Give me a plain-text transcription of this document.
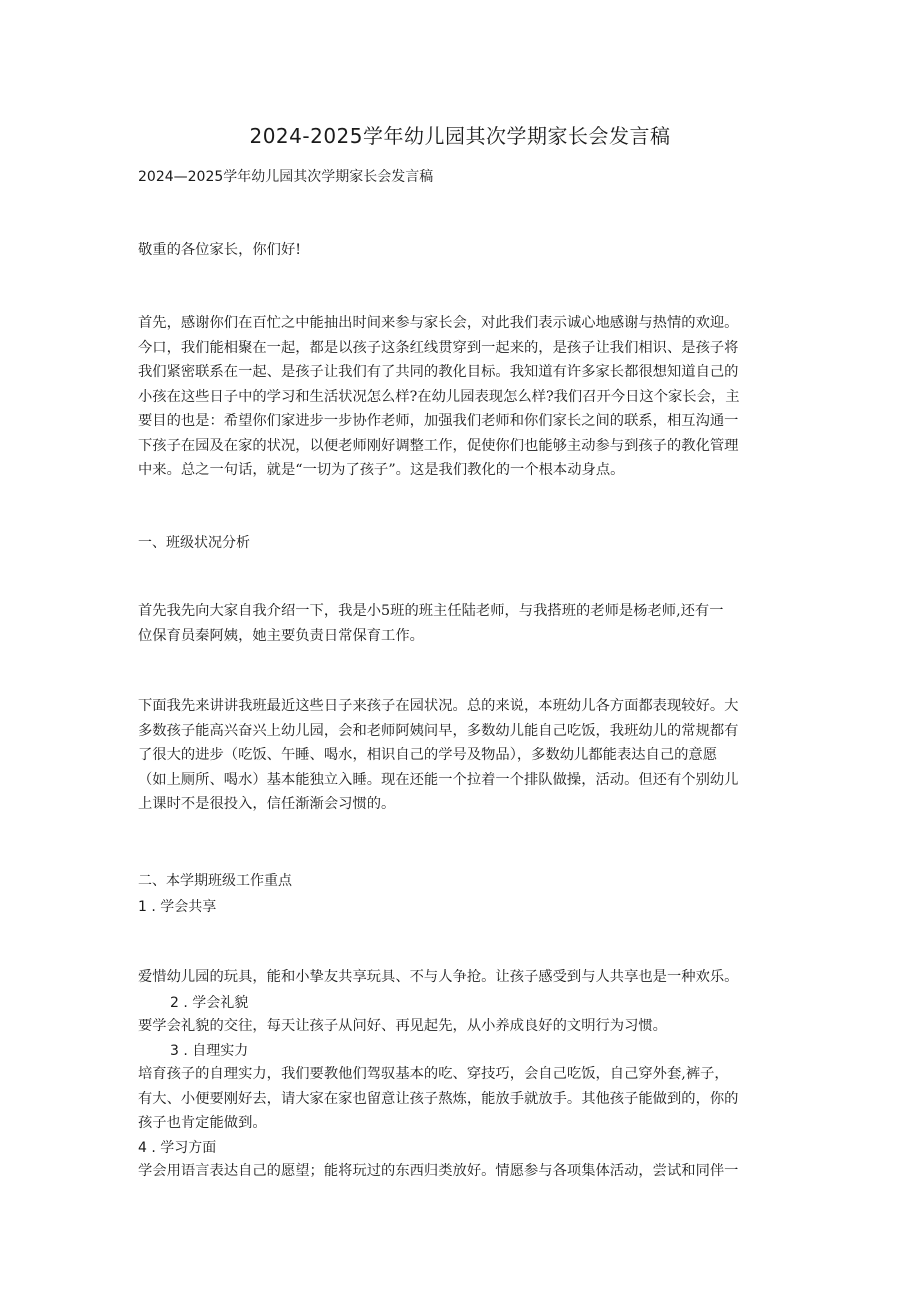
2024-2025学年幼儿园其次学期家长会发言稿
2024—2025学年幼儿园其次学期家长会发言稿
敬重的各位家长，你们好!
首先，感谢你们在百忙之中能抽出时间来参与家长会，对此我们表示诚心地感谢与热情的欢迎。
今口，我们能相聚在一起，都是以孩子这条红线贯穿到一起来的，是孩子让我们相识、是孩子将
我们紧密联系在一起、是孩子让我们有了共同的教化目标。我知道有许多家长都很想知道自己的
小孩在这些日子中的学习和生活状况怎么样?在幼儿园表现怎么样?我们召开今日这个家长会，主
要目的也是：希望你们家进步一步协作老师，加强我们老师和你们家长之间的联系，相互沟通一
下孩子在园及在家的状况，以便老师刚好调整工作，促使你们也能够主动参与到孩子的教化管理
中来。总之一句话，就是“一切为了孩子”。这是我们教化的一个根本动身点。
一、班级状况分析
首先我先向大家自我介绍一下，我是小5班的班主任陆老师，与我搭班的老师是杨老师,还有一
位保育员秦阿姨，她主要负责日常保育工作。
下面我先来讲讲我班最近这些日子来孩子在园状况。总的来说，本班幼儿各方面都表现较好。大
多数孩子能高兴奋兴上幼儿园，会和老师阿姨问早，多数幼儿能自己吃饭，我班幼儿的常规都有
了很大的进步（吃饭、午睡、喝水，相识自己的学号及物品），多数幼儿都能表达自己的意愿
（如上厕所、喝水）基本能独立入睡。现在还能一个拉着一个排队做操，活动。但还有个别幼儿
上课时不是很投入，信任渐渐会习惯的。
二、本学期班级工作重点
1 . 学会共享
爱惜幼儿园的玩具，能和小挚友共享玩具、不与人争抢。让孩子感受到与人共享也是一种欢乐。
2 . 学会礼貌
要学会礼貌的交往，每天让孩子从问好、再见起先，从小养成良好的文明行为习惯。
3 . 自理实力
培育孩子的自理实力，我们要教他们驾驭基本的吃、穿技巧，会自己吃饭，自己穿外套,裤子，
有大、小便要刚好去，请大家在家也留意让孩子熬炼，能放手就放手。其他孩子能做到的，你的
孩子也肯定能做到。
4 . 学习方面
学会用语言表达自己的愿望；能将玩过的东西归类放好。情愿参与各项集体活动，尝试和同伴一
